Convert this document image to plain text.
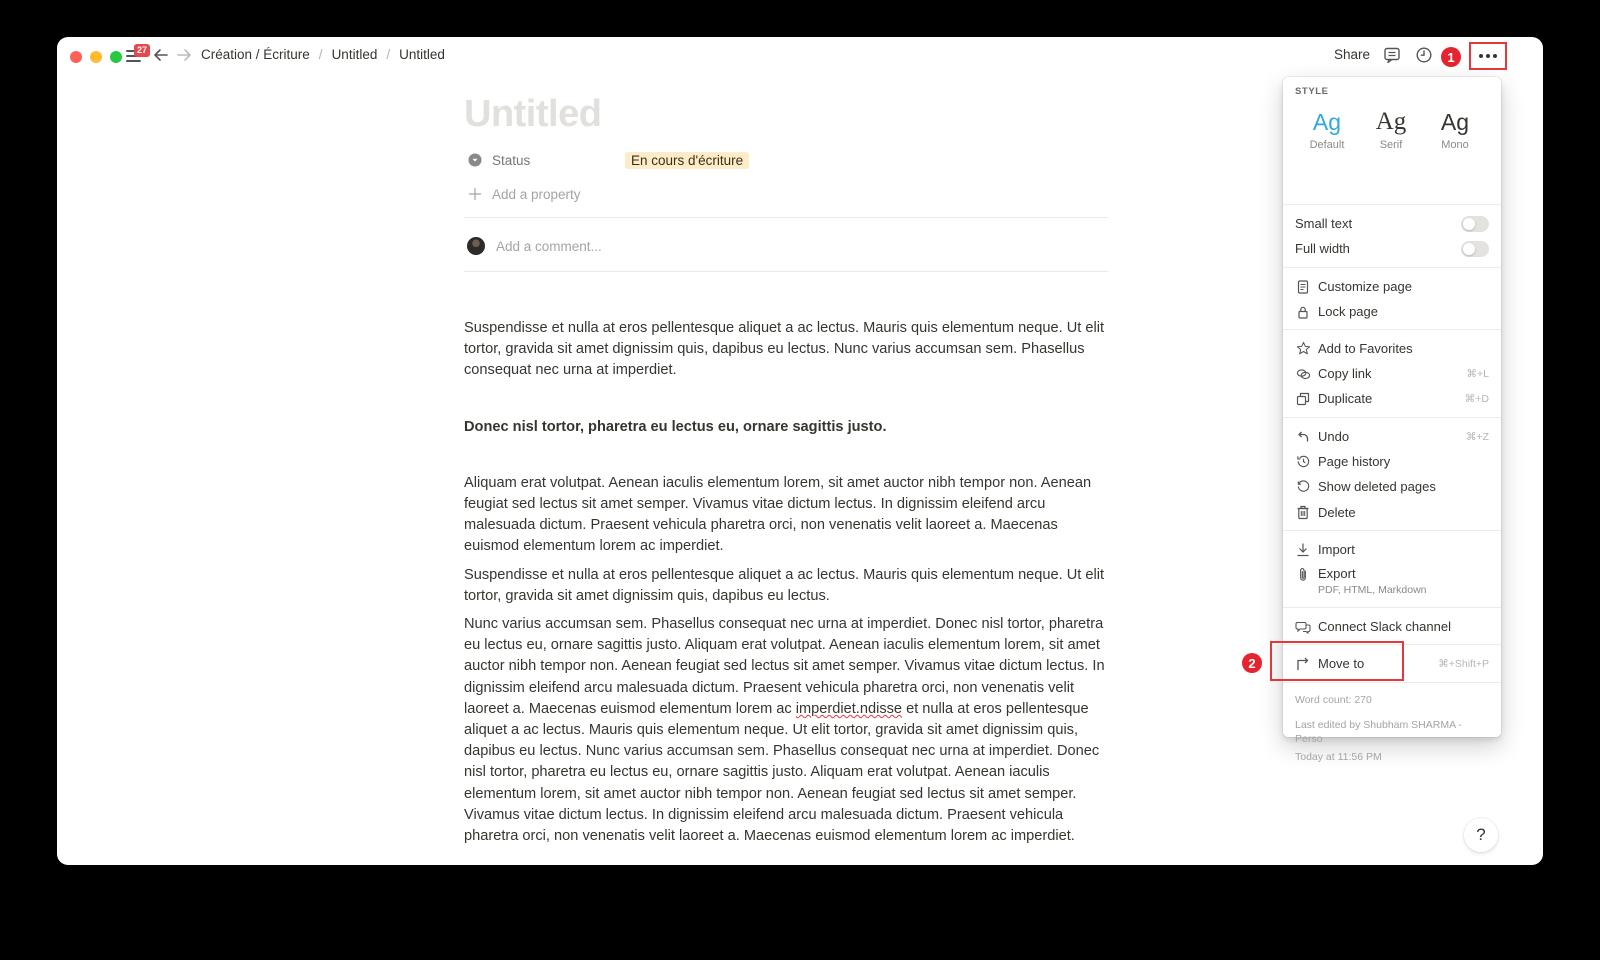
27	Création / Écriture / Untitled / Untitled	Share	1
Untitled
Status	En cours d'écriture
Add a property
Add a comment...

Suspendisse et nulla at eros pellentesque aliquet a ac lectus. Mauris quis elementum neque. Ut elit tortor, gravida sit amet dignissim quis, dapibus eu lectus. Nunc varius accumsan sem. Phasellus consequat nec urna at imperdiet.

Donec nisl tortor, pharetra eu lectus eu, ornare sagittis justo.

Aliquam erat volutpat. Aenean iaculis elementum lorem, sit amet auctor nibh tempor non. Aenean feugiat sed lectus sit amet semper. Vivamus vitae dictum lectus. In dignissim eleifend arcu malesuada dictum. Praesent vehicula pharetra orci, non venenatis velit laoreet a. Maecenas euismod elementum lorem ac imperdiet.

Suspendisse et nulla at eros pellentesque aliquet a ac lectus. Mauris quis elementum neque. Ut elit tortor, gravida sit amet dignissim quis, dapibus eu lectus.

Nunc varius accumsan sem. Phasellus consequat nec urna at imperdiet. Donec nisl tortor, pharetra eu lectus eu, ornare sagittis justo. Aliquam erat volutpat. Aenean iaculis elementum lorem, sit amet auctor nibh tempor non. Aenean feugiat sed lectus sit amet semper. Vivamus vitae dictum lectus. In dignissim eleifend arcu malesuada dictum. Praesent vehicula pharetra orci, non venenatis velit laoreet a. Maecenas euismod elementum lorem ac imperdiet.ndisse et nulla at eros pellentesque aliquet a ac lectus. Mauris quis elementum neque. Ut elit tortor, gravida sit amet dignissim quis, dapibus eu lectus. Nunc varius accumsan sem. Phasellus consequat nec urna at imperdiet. Donec nisl tortor, pharetra eu lectus eu, ornare sagittis justo. Aliquam erat volutpat. Aenean iaculis elementum lorem, sit amet auctor nibh tempor non. Aenean feugiat sed lectus sit amet semper. Vivamus vitae dictum lectus. In dignissim eleifend arcu malesuada dictum. Praesent vehicula pharetra orci, non venenatis velit laoreet a. Maecenas euismod elementum lorem ac imperdiet.

2
STYLE
Ag
Default
Ag
Serif
Ag
Mono
Small text
Full width
Customize page
Lock page
Add to Favorites
Copy link	⌘+L
Duplicate	⌘+D
Undo	⌘+Z
Page history
Show deleted pages
Delete
Import
Export
PDF, HTML, Markdown
Connect Slack channel
Move to	⌘+Shift+P
Word count: 270
Last edited by Shubham SHARMA -
Perso
Today at 11:56 PM
?
